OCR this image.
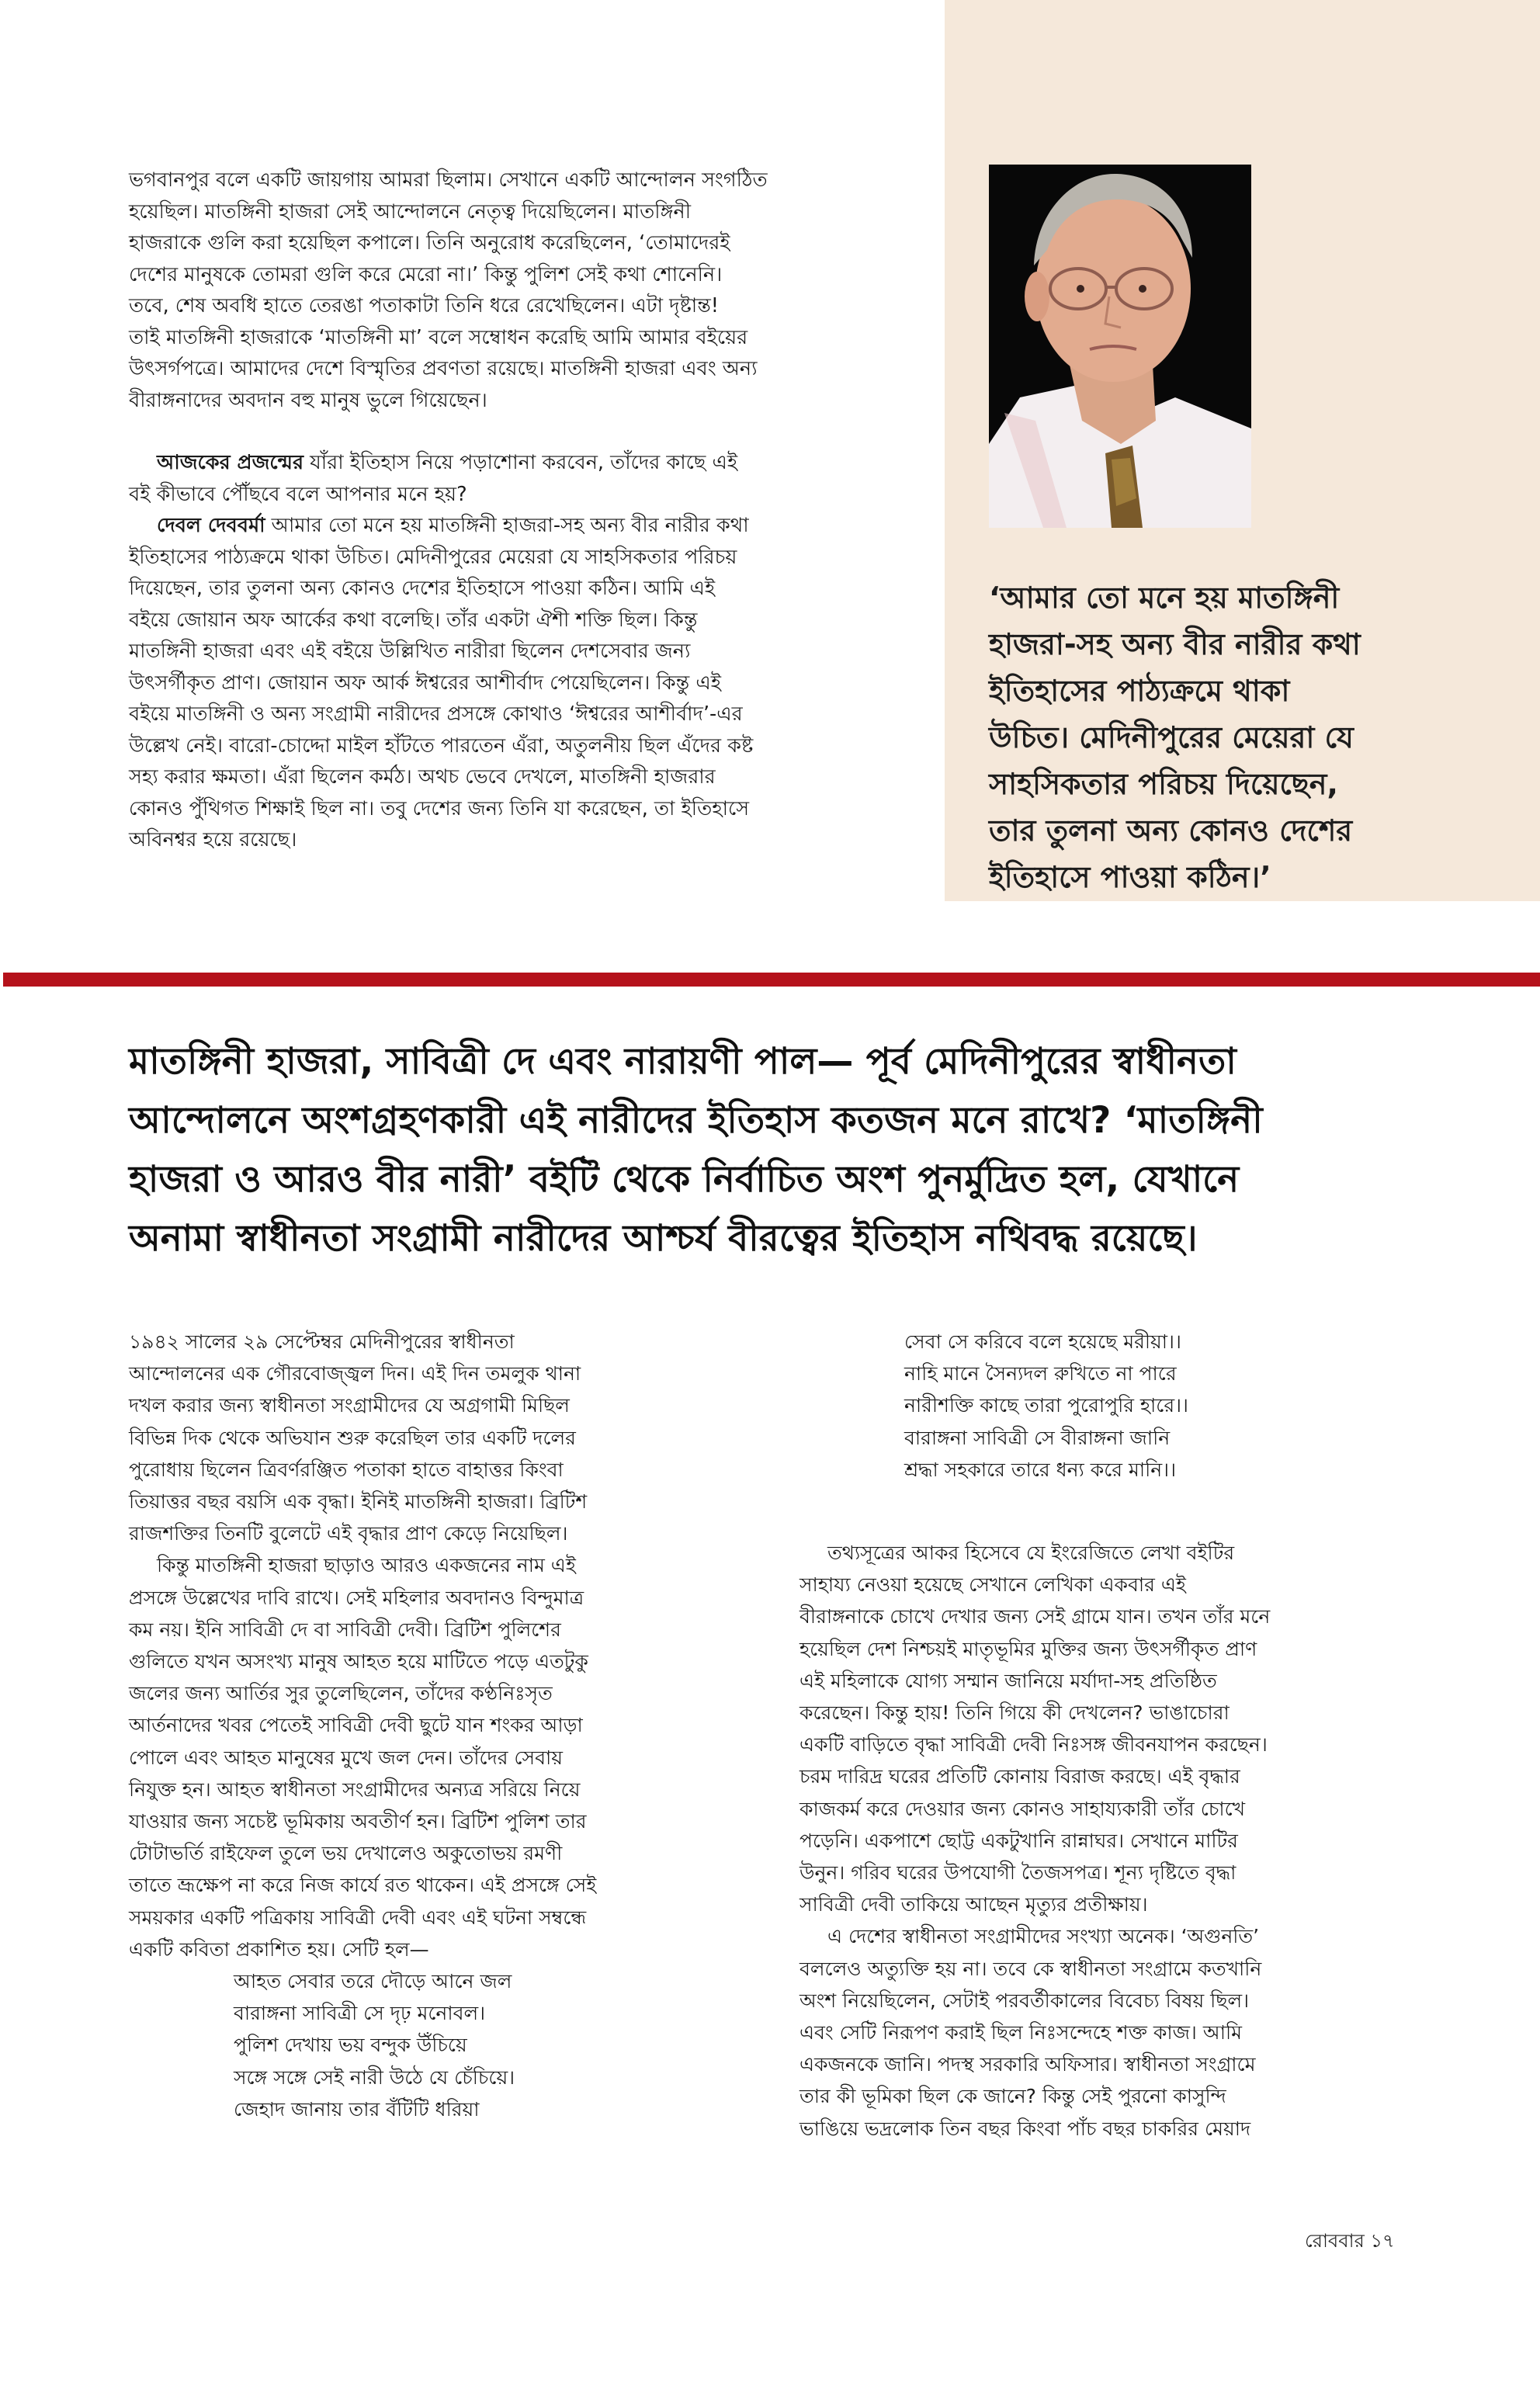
‘আমার তো মনে হয় মাতঙ্গিনী
হাজরা-সহ অন্য বীর নারীর কথা
ইতিহাসের পাঠ্যক্রমে থাকা
উচিত। মেদিনীপুরের মেয়েরা যে
সাহসিকতার পরিচয় দিয়েছেন,
তার তুলনা অন্য কোনও দেশের
ইতিহাসে পাওয়া কঠিন।’

ভগবানপুর বলে একটি জায়গায় আমরা ছিলাম। সেখানে একটি আন্দোলন সংগঠিত
হয়েছিল। মাতঙ্গিনী হাজরা সেই আন্দোলনে নেতৃত্ব দিয়েছিলেন। মাতঙ্গিনী
হাজরাকে গুলি করা হয়েছিল কপালে। তিনি অনুরোধ করেছিলেন, ‘তোমাদেরই
দেশের মানুষকে তোমরা গুলি করে মেরো না।’ কিন্তু পুলিশ সেই কথা শোনেনি।
তবে, শেষ অবধি হাতে তেরঙা পতাকাটা তিনি ধরে রেখেছিলেন। এটা দৃষ্টান্ত!
তাই মাতঙ্গিনী হাজরাকে ‘মাতঙ্গিনী মা’ বলে সম্বোধন করেছি আমি আমার বইয়ের
উৎসর্গপত্রে। আমাদের দেশে বিস্মৃতির প্রবণতা রয়েছে। মাতঙ্গিনী হাজরা এবং অন্য
বীরাঙ্গনাদের অবদান বহু মানুষ ভুলে গিয়েছেন।

আজকের প্রজন্মের যাঁরা ইতিহাস নিয়ে পড়াশোনা করবেন, তাঁদের কাছে এই
বই কীভাবে পৌঁছবে বলে আপনার মনে হয়?

দেবল দেববর্মা আমার তো মনে হয় মাতঙ্গিনী হাজরা-সহ অন্য বীর নারীর কথা
ইতিহাসের পাঠ্যক্রমে থাকা উচিত। মেদিনীপুরের মেয়েরা যে সাহসিকতার পরিচয়
দিয়েছেন, তার তুলনা অন্য কোনও দেশের ইতিহাসে পাওয়া কঠিন। আমি এই
বইয়ে জোয়ান অফ আর্কের কথা বলেছি। তাঁর একটা ঐশী শক্তি ছিল। কিন্তু
মাতঙ্গিনী হাজরা এবং এই বইয়ে উল্লিখিত নারীরা ছিলেন দেশসেবার জন্য
উৎসর্গীকৃত প্রাণ। জোয়ান অফ আর্ক ঈশ্বরের আশীর্বাদ পেয়েছিলেন। কিন্তু এই
বইয়ে মাতঙ্গিনী ও অন্য সংগ্রামী নারীদের প্রসঙ্গে কোথাও ‘ঈশ্বরের আশীর্বাদ’-এর
উল্লেখ নেই। বারো-চোদ্দো মাইল হাঁটতে পারতেন এঁরা, অতুলনীয় ছিল এঁদের কষ্ট
সহ্য করার ক্ষমতা। এঁরা ছিলেন কর্মঠ। অথচ ভেবে দেখলে, মাতঙ্গিনী হাজরার
কোনও পুঁথিগত শিক্ষাই ছিল না। তবু দেশের জন্য তিনি যা করেছেন, তা ইতিহাসে
অবিনশ্বর হয়ে রয়েছে।

মাতঙ্গিনী হাজরা, সাবিত্রী দে এবং নারায়ণী পাল— পূর্ব মেদিনীপুরের স্বাধীনতা
আন্দোলনে অংশগ্রহণকারী এই নারীদের ইতিহাস কতজন মনে রাখে? ‘মাতঙ্গিনী
হাজরা ও আরও বীর নারী’ বইটি থেকে নির্বাচিত অংশ পুনর্মুদ্রিত হল, যেখানে
অনামা স্বাধীনতা সংগ্রামী নারীদের আশ্চর্য বীরত্বের ইতিহাস নথিবদ্ধ রয়েছে।

১৯৪২ সালের ২৯ সেপ্টেম্বর মেদিনীপুরের স্বাধীনতা
আন্দোলনের এক গৌরবোজ্জ্বল দিন। এই দিন তমলুক থানা
দখল করার জন্য স্বাধীনতা সংগ্রামীদের যে অগ্রগামী মিছিল
বিভিন্ন দিক থেকে অভিযান শুরু করেছিল তার একটি দলের
পুরোধায় ছিলেন ত্রিবর্ণরঞ্জিত পতাকা হাতে বাহাত্তর কিংবা
তিয়াত্তর বছর বয়সি এক বৃদ্ধা। ইনিই মাতঙ্গিনী হাজরা। ব্রিটিশ
রাজশক্তির তিনটি বুলেটে এই বৃদ্ধার প্রাণ কেড়ে নিয়েছিল।

কিন্তু মাতঙ্গিনী হাজরা ছাড়াও আরও একজনের নাম এই
প্রসঙ্গে উল্লেখের দাবি রাখে। সেই মহিলার অবদানও বিন্দুমাত্র
কম নয়। ইনি সাবিত্রী দে বা সাবিত্রী দেবী। ব্রিটিশ পুলিশের
গুলিতে যখন অসংখ্য মানুষ আহত হয়ে মাটিতে পড়ে এতটুকু
জলের জন্য আর্তির সুর তুলেছিলেন, তাঁদের কণ্ঠনিঃসৃত
আর্তনাদের খবর পেতেই সাবিত্রী দেবী ছুটে যান শংকর আড়া
পোলে এবং আহত মানুষের মুখে জল দেন। তাঁদের সেবায়
নিযুক্ত হন। আহত স্বাধীনতা সংগ্রামীদের অন্যত্র সরিয়ে নিয়ে
যাওয়ার জন্য সচেষ্ট ভূমিকায় অবতীর্ণ হন। ব্রিটিশ পুলিশ তার
টোটাভর্তি রাইফেল তুলে ভয় দেখালেও অকুতোভয় রমণী
তাতে ভ্রূক্ষেপ না করে নিজ কার্যে রত থাকেন। এই প্রসঙ্গে সেই
সময়কার একটি পত্রিকায় সাবিত্রী দেবী এবং এই ঘটনা সম্বন্ধে
একটি কবিতা প্রকাশিত হয়। সেটি হল—

আহত সেবার তরে দৌড়ে আনে জল
বারাঙ্গনা সাবিত্রী সে দৃঢ় মনোবল।
পুলিশ দেখায় ভয় বন্দুক উঁচিয়ে
সঙ্গে সঙ্গে সেই নারী উঠে যে চেঁচিয়ে।
জেহাদ জানায় তার বঁটিটি ধরিয়া
সেবা সে করিবে বলে হয়েছে মরীয়া।।
নাহি মানে সৈন্যদল রুখিতে না পারে
নারীশক্তি কাছে তারা পুরোপুরি হারে।।
বারাঙ্গনা সাবিত্রী সে বীরাঙ্গনা জানি
শ্রদ্ধা সহকারে তারে ধন্য করে মানি।।

তথ্যসূত্রের আকর হিসেবে যে ইংরেজিতে লেখা বইটির
সাহায্য নেওয়া হয়েছে সেখানে লেখিকা একবার এই
বীরাঙ্গনাকে চোখে দেখার জন্য সেই গ্রামে যান। তখন তাঁর মনে
হয়েছিল দেশ নিশ্চয়ই মাতৃভূমির মুক্তির জন্য উৎসর্গীকৃত প্রাণ
এই মহিলাকে যোগ্য সম্মান জানিয়ে মর্যাদা-সহ প্রতিষ্ঠিত
করেছেন। কিন্তু হায়! তিনি গিয়ে কী দেখলেন? ভাঙাচোরা
একটি বাড়িতে বৃদ্ধা সাবিত্রী দেবী নিঃসঙ্গ জীবনযাপন করছেন।
চরম দারিদ্র ঘরের প্রতিটি কোনায় বিরাজ করছে। এই বৃদ্ধার
কাজকর্ম করে দেওয়ার জন্য কোনও সাহায্যকারী তাঁর চোখে
পড়েনি। একপাশে ছোট্ট একটুখানি রান্নাঘর। সেখানে মাটির
উনুন। গরিব ঘরের উপযোগী তৈজসপত্র। শূন্য দৃষ্টিতে বৃদ্ধা
সাবিত্রী দেবী তাকিয়ে আছেন মৃত্যুর প্রতীক্ষায়।

এ দেশের স্বাধীনতা সংগ্রামীদের সংখ্যা অনেক। ‘অগুনতি’
বললেও অত্যুক্তি হয় না। তবে কে স্বাধীনতা সংগ্রামে কতখানি
অংশ নিয়েছিলেন, সেটাই পরবর্তীকালের বিবেচ্য বিষয় ছিল।
এবং সেটি নিরূপণ করাই ছিল নিঃসন্দেহে শক্ত কাজ। আমি
একজনকে জানি। পদস্থ সরকারি অফিসার। স্বাধীনতা সংগ্রামে
তার কী ভূমিকা ছিল কে জানে? কিন্তু সেই পুরনো কাসুন্দি
ভাঙিয়ে ভদ্রলোক তিন বছর কিংবা পাঁচ বছর চাকরির মেয়াদ

রোববার ১৭
